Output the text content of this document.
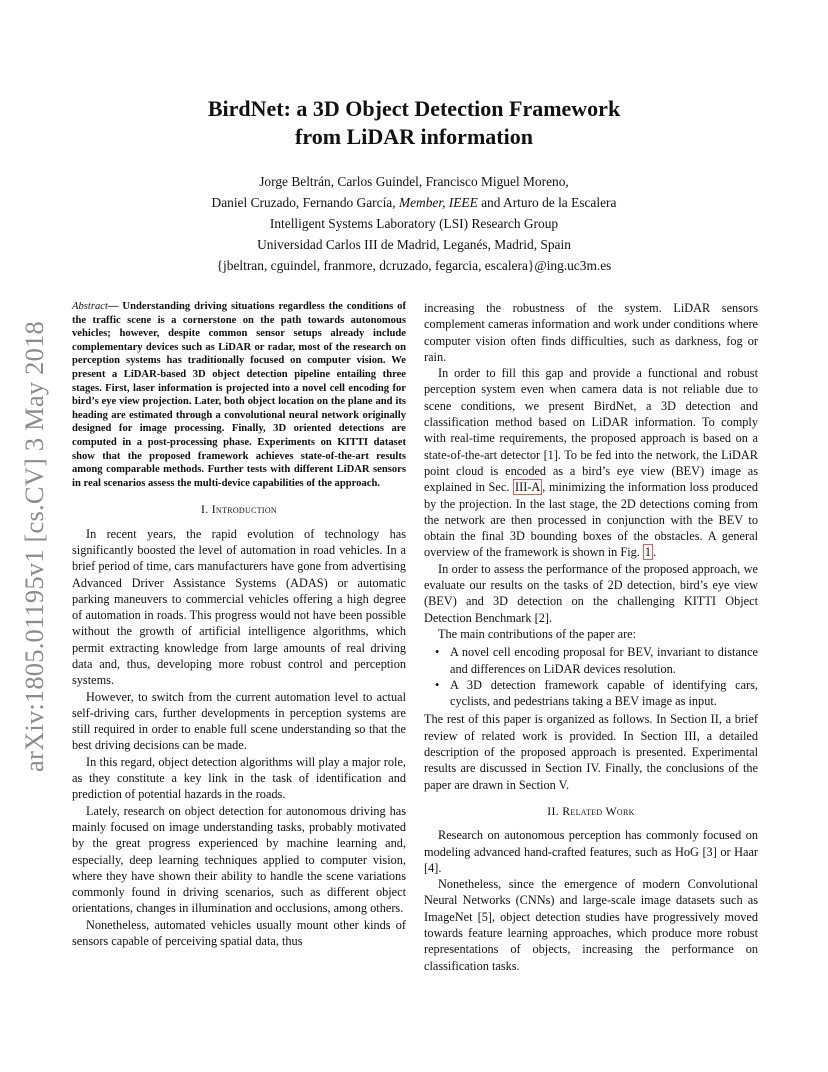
arXiv:1805.01195v1 [cs.CV] 3 May 2018
BirdNet: a 3D Object Detection Framework
from LiDAR information
Jorge Beltrán, Carlos Guindel, Francisco Miguel Moreno,
Daniel Cruzado, Fernando García, Member, IEEE and Arturo de la Escalera
Intelligent Systems Laboratory (LSI) Research Group
Universidad Carlos III de Madrid, Leganés, Madrid, Spain
{jbeltran, cguindel, franmore, dcruzado, fegarcia, escalera}@ing.uc3m.es
Abstract— Understanding driving situations regardless the conditions of the traffic scene is a cornerstone on the path towards autonomous vehicles; however, despite common sensor setups already include complementary devices such as LiDAR or radar, most of the research on perception systems has traditionally focused on computer vision. We present a LiDAR-based 3D object detection pipeline entailing three stages. First, laser information is projected into a novel cell encoding for bird’s eye view projection. Later, both object location on the plane and its heading are estimated through a convolutional neural network originally designed for image processing. Finally, 3D oriented detections are computed in a post-processing phase. Experiments on KITTI dataset show that the proposed framework achieves state-of-the-art results among comparable methods. Further tests with different LiDAR sensors in real scenarios assess the multi-device capabilities of the approach.
I. Introduction

In recent years, the rapid evolution of technology has significantly boosted the level of automation in road vehicles. In a brief period of time, cars manufacturers have gone from advertising Advanced Driver Assistance Systems (ADAS) or automatic parking maneuvers to commercial vehicles offering a high degree of automation in roads. This progress would not have been possible without the growth of artificial intelligence algorithms, which permit extracting knowledge from large amounts of real driving data and, thus, developing more robust control and perception systems.

However, to switch from the current automation level to actual self-driving cars, further developments in perception systems are still required in order to enable full scene understanding so that the best driving decisions can be made.

In this regard, object detection algorithms will play a major role, as they constitute a key link in the task of identification and prediction of potential hazards in the roads.

Lately, research on object detection for autonomous driving has mainly focused on image understanding tasks, probably motivated by the great progress experienced by machine learning and, especially, deep learning techniques applied to computer vision, where they have shown their ability to handle the scene variations commonly found in driving scenarios, such as different object orientations, changes in illumination and occlusions, among others.

Nonetheless, automated vehicles usually mount other kinds of sensors capable of perceiving spatial data, thus

increasing the robustness of the system. LiDAR sensors complement cameras information and work under conditions where computer vision often finds difficulties, such as darkness, fog or rain.

In order to fill this gap and provide a functional and robust perception system even when camera data is not reliable due to scene conditions, we present BirdNet, a 3D detection and classification method based on LiDAR information. To comply with real-time requirements, the proposed approach is based on a state-of-the-art detector [1]. To be fed into the network, the LiDAR point cloud is encoded as a bird’s eye view (BEV) image as explained in Sec. III-A , minimizing the information loss produced by the projection. In the last stage, the 2D detections coming from the network are then processed in conjunction with the BEV to obtain the final 3D bounding boxes of the obstacles. A general overview of the framework is shown in Fig. 1 .

In order to assess the performance of the proposed approach, we evaluate our results on the tasks of 2D detection, bird’s eye view (BEV) and 3D detection on the challenging KITTI Object Detection Benchmark [2].

The main contributions of the paper are:

• A novel cell encoding proposal for BEV, invariant to distance and differences on LiDAR devices resolution.
• A 3D detection framework capable of identifying cars, cyclists, and pedestrians taking a BEV image as input.

The rest of this paper is organized as follows. In Section II, a brief review of related work is provided. In Section III, a detailed description of the proposed approach is presented. Experimental results are discussed in Section IV. Finally, the conclusions of the paper are drawn in Section V.

II. Related Work

Research on autonomous perception has commonly focused on modeling advanced hand-crafted features, such as HoG [3] or Haar [4].

Nonetheless, since the emergence of modern Convolutional Neural Networks (CNNs) and large-scale image datasets such as ImageNet [5], object detection studies have progressively moved towards feature learning approaches, which produce more robust representations of objects, increasing the performance on classification tasks.
